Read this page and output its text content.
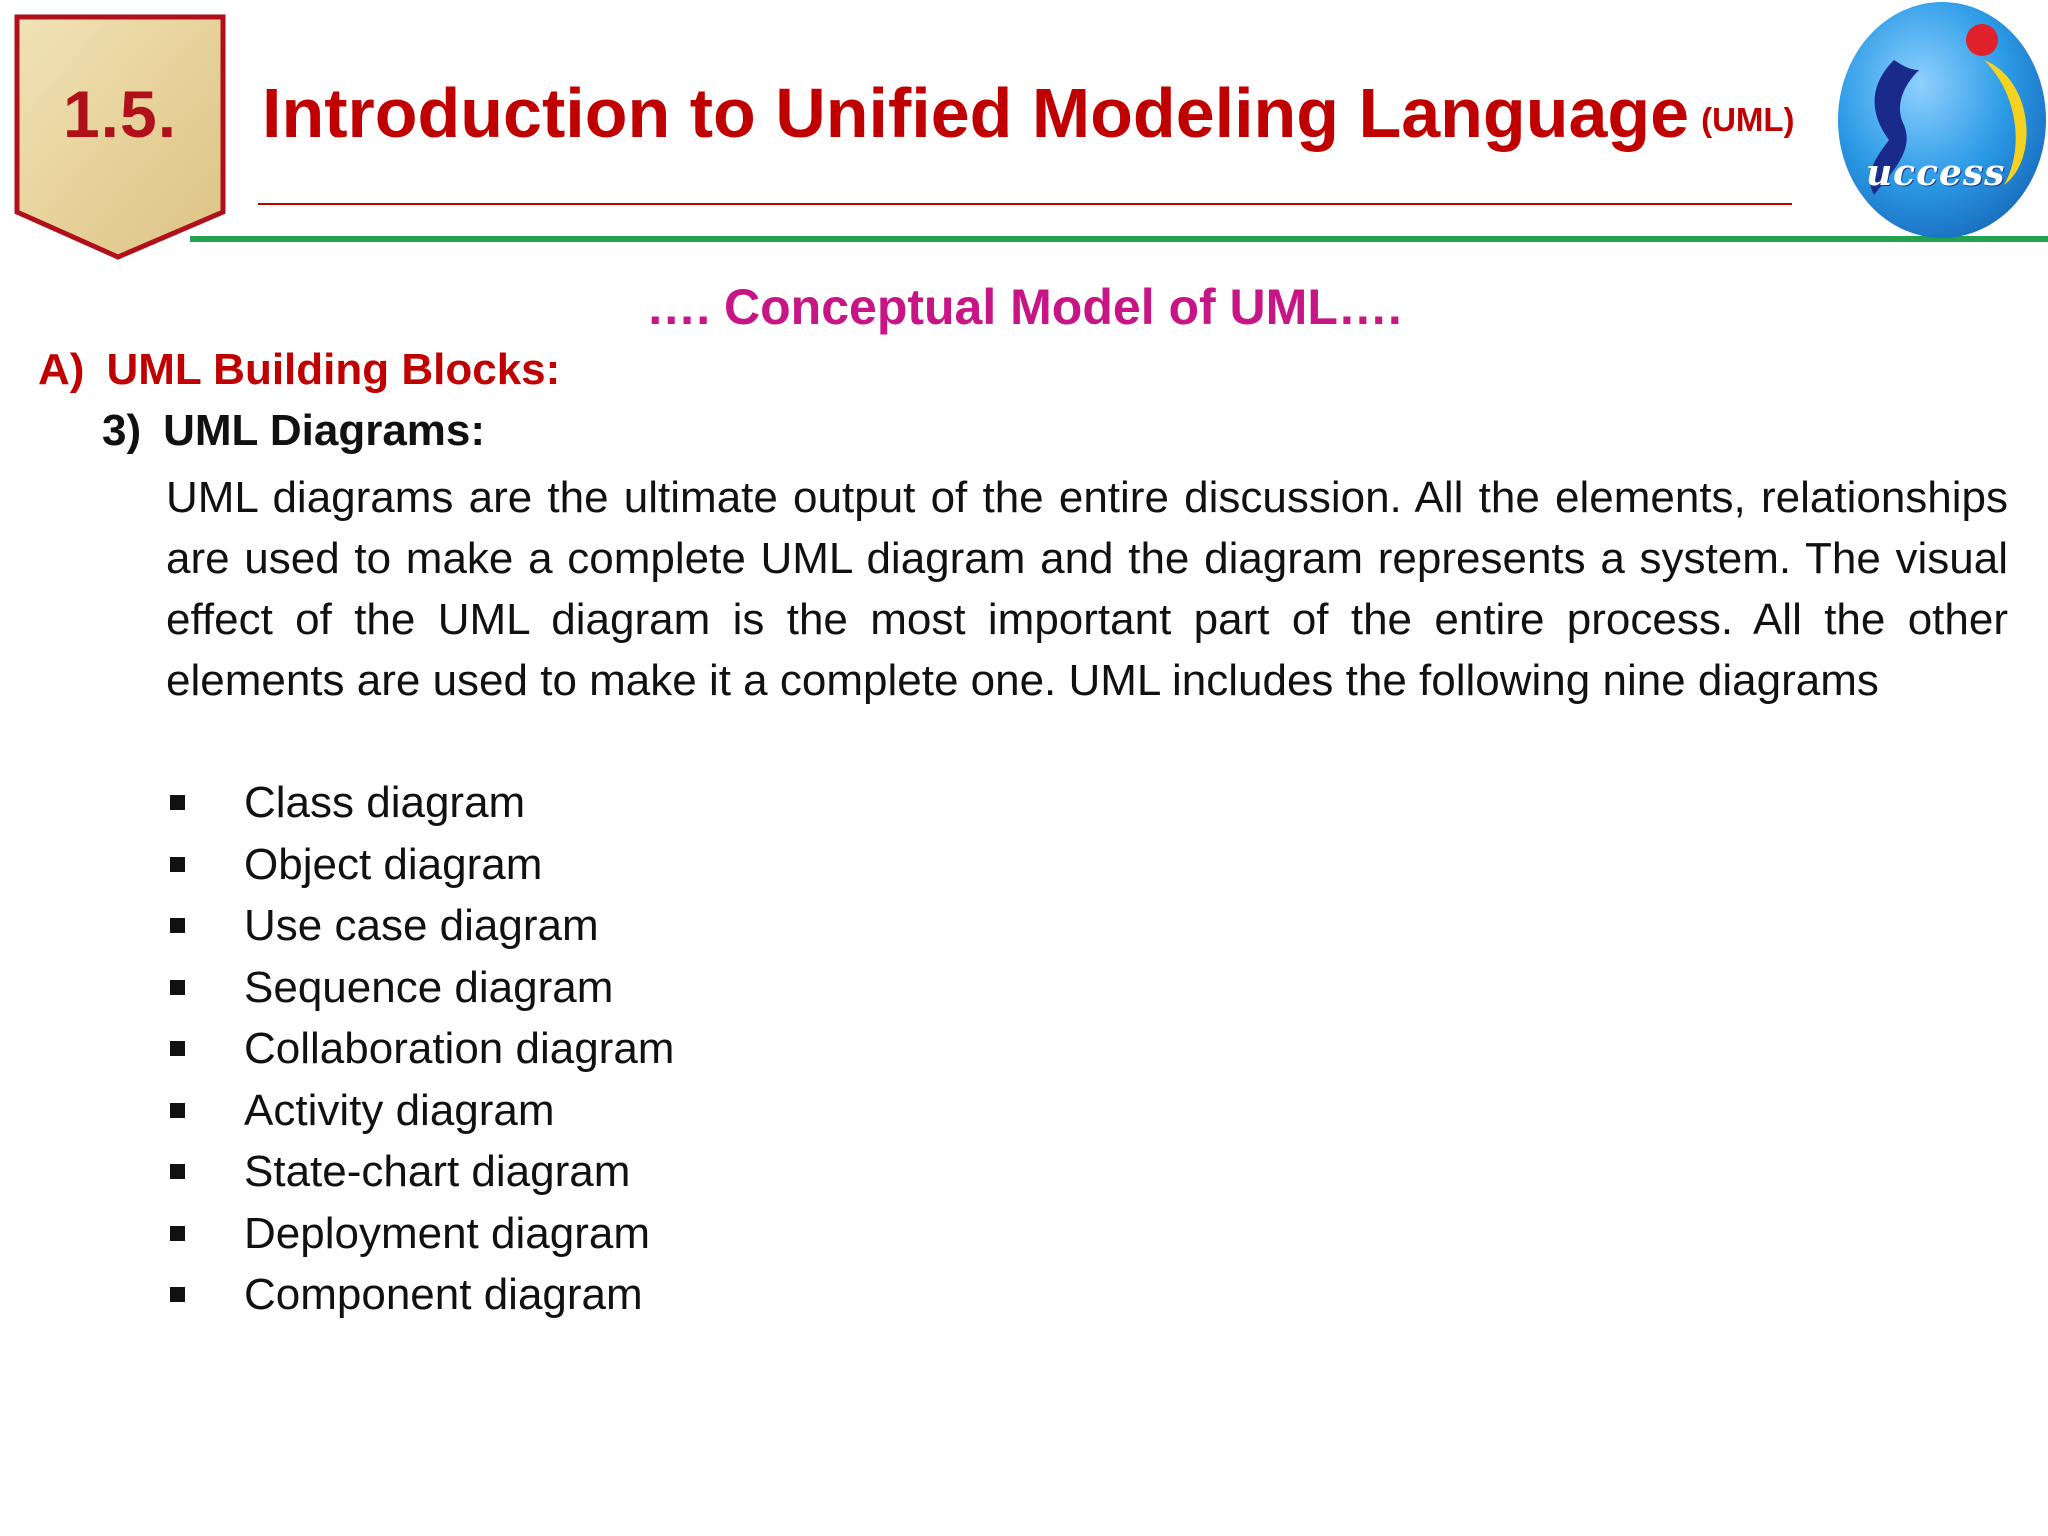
1.5.	Introduction to Unified Modeling Language (UML)
uccess
…. Conceptual Model of UML….
A) UML Building Blocks:
3) UML Diagrams:
UML diagrams are the ultimate output of the entire discussion. All the elements, relationships are used to make a complete UML diagram and the diagram represents a system. The visual effect of the UML diagram is the most important part of the entire process. All the other elements are used to make it a complete one. UML includes the following nine diagrams
Class diagram
Object diagram
Use case diagram
Sequence diagram
Collaboration diagram
Activity diagram
State-chart diagram
Deployment diagram
Component diagram
